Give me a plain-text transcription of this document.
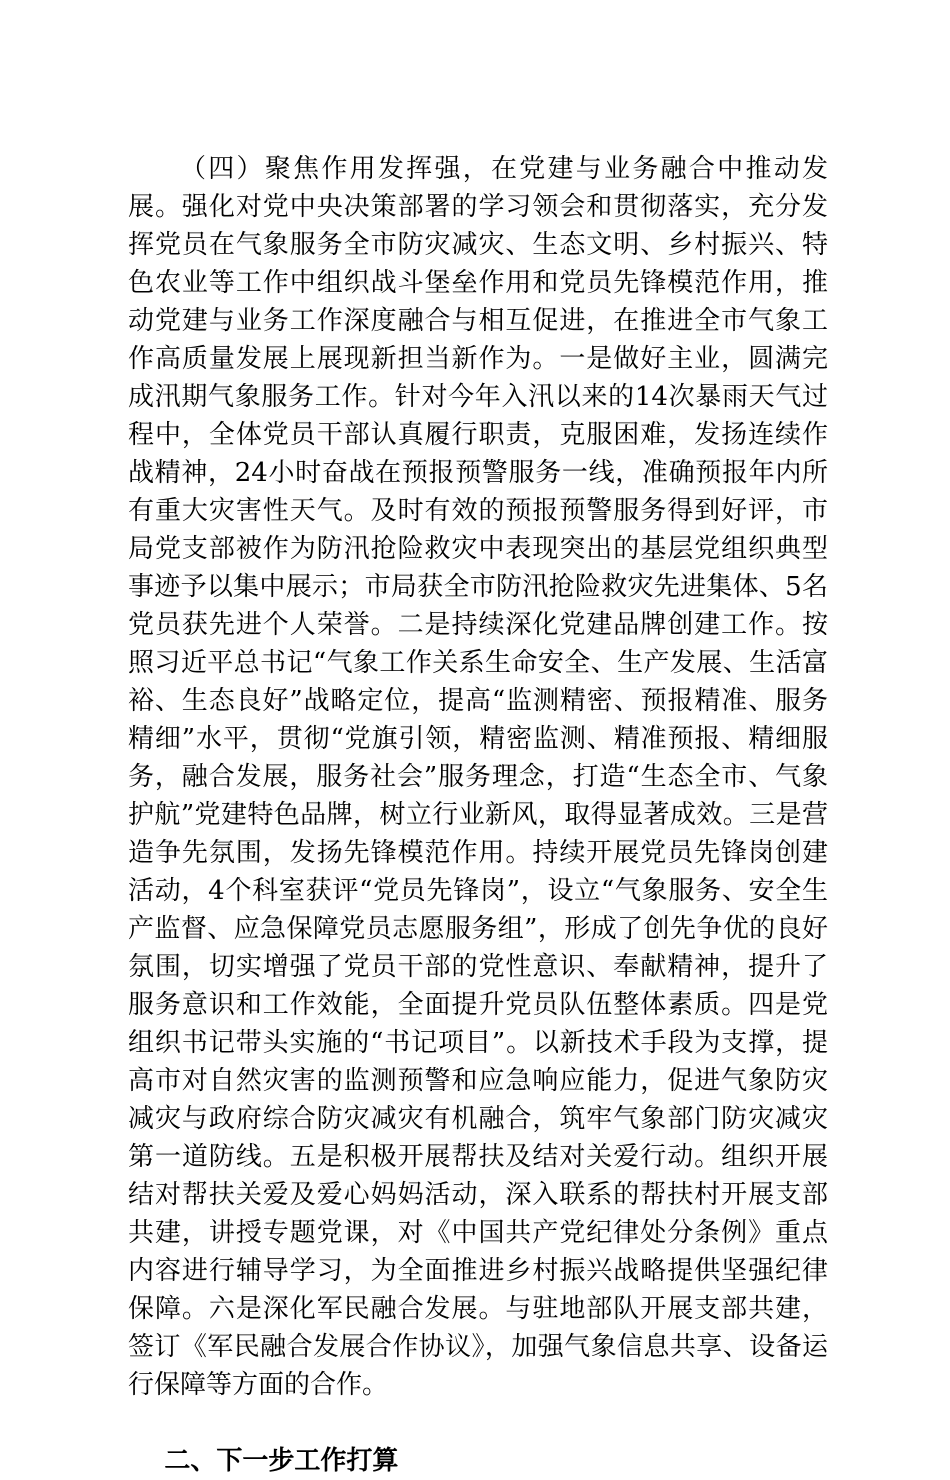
（四）聚焦作用发挥强，在党建与业务融合中推动发展。强化对党中央决策部署的学习领会和贯彻落实，充分发挥党员在气象服务全市防灾减灾、生态文明、乡村振兴、特色农业等工作中组织战斗堡垒作用和党员先锋模范作用，推动党建与业务工作深度融合与相互促进，在推进全市气象工作高质量发展上展现新担当新作为。一是做好主业，圆满完成汛期气象服务工作。针对今年入汛以来的14次暴雨天气过程中，全体党员干部认真履行职责，克服困难，发扬连续作战精神，24小时奋战在预报预警服务一线，准确预报年内所有重大灾害性天气。及时有效的预报预警服务得到好评，市局党支部被作为防汛抢险救灾中表现突出的基层党组织典型事迹予以集中展示；市局获全市防汛抢险救灾先进集体、5名党员获先进个人荣誉。二是持续深化党建品牌创建工作。按照习近平总书记“气象工作关系生命安全、生产发展、生活富裕、生态良好”战略定位，提高“监测精密、预报精准、服务精细”水平，贯彻“党旗引领，精密监测、精准预报、精细服务，融合发展，服务社会”服务理念，打造“生态全市、气象护航”党建特色品牌，树立行业新风，取得显著成效。三是营造争先氛围，发扬先锋模范作用。持续开展党员先锋岗创建活动，4个科室获评“党员先锋岗”，设立“气象服务、安全生产监督、应急保障党员志愿服务组”，形成了创先争优的良好氛围，切实增强了党员干部的党性意识、奉献精神，提升了服务意识和工作效能，全面提升党员队伍整体素质。四是党组织书记带头实施的“书记项目”。以新技术手段为支撑，提高市对自然灾害的监测预警和应急响应能力，促进气象防灾减灾与政府综合防灾减灾有机融合，筑牢气象部门防灾减灾第一道防线。五是积极开展帮扶及结对关爱行动。组织开展结对帮扶关爱及爱心妈妈活动，深入联系的帮扶村开展支部共建，讲授专题党课，对《中国共产党纪律处分条例》重点内容进行辅导学习，为全面推进乡村振兴战略提供坚强纪律保障。六是深化军民融合发展。与驻地部队开展支部共建，签订《军民融合发展合作协议》，加强气象信息共享、设备运行保障等方面的合作。

二、下一步工作打算
